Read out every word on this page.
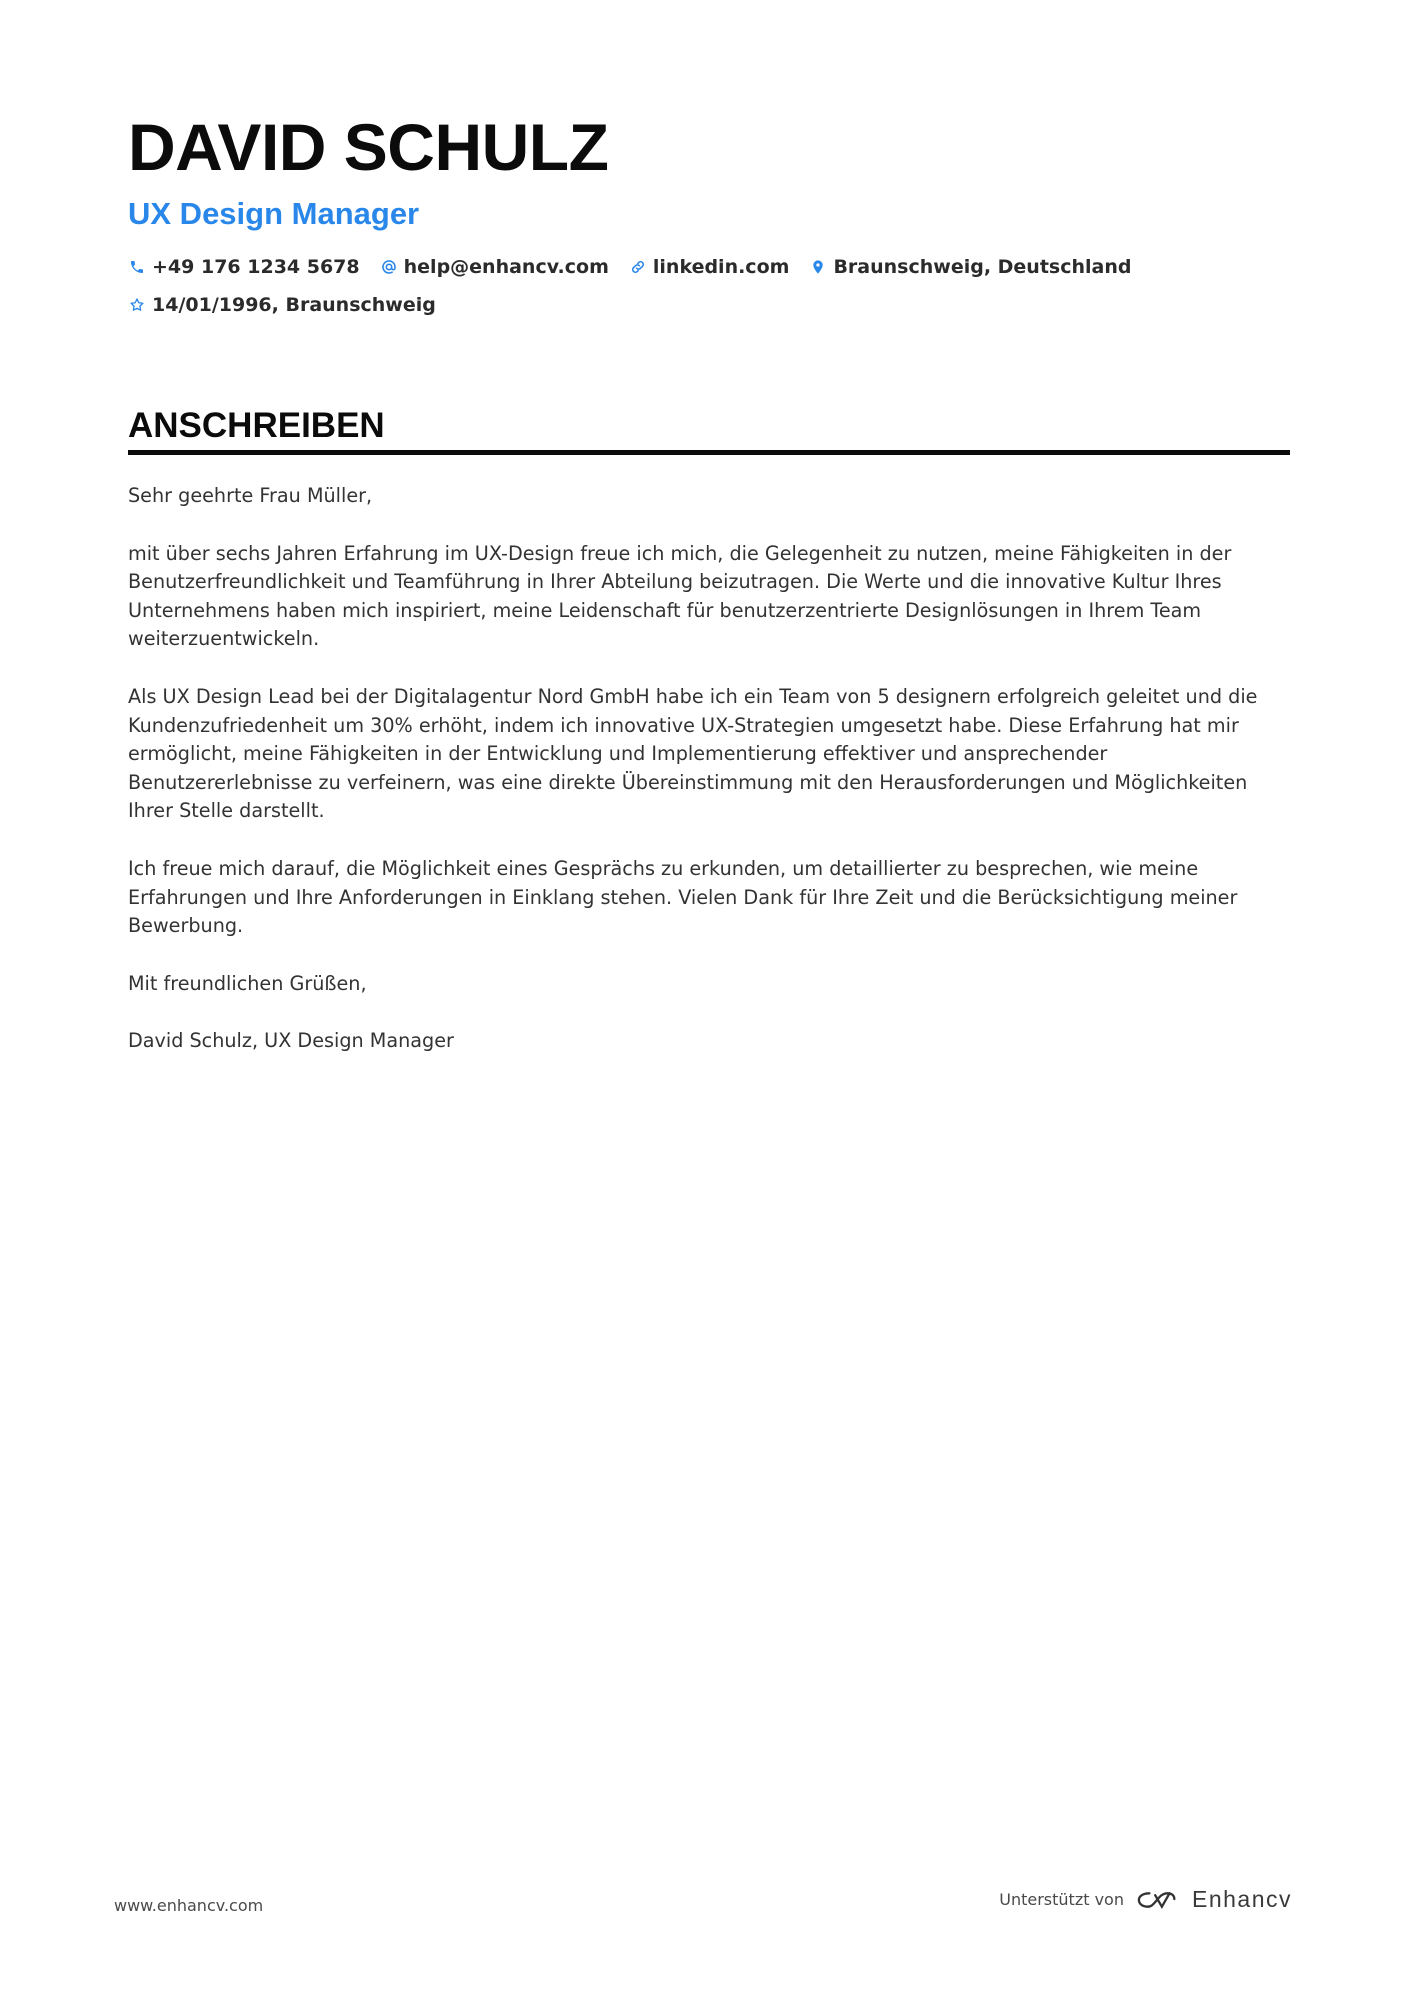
DAVID SCHULZ
UX Design Manager
+49 176 1234 5678 help@enhancv.com linkedin.com Braunschweig, Deutschland
14/01/1996, Braunschweig
ANSCHREIBEN

Sehr geehrte Frau Müller,

mit über sechs Jahren Erfahrung im UX-Design freue ich mich, die Gelegenheit zu nutzen, meine Fähigkeiten in der Benutzerfreundlichkeit und Teamführung in Ihrer Abteilung beizutragen. Die Werte und die innovative Kultur Ihres Unternehmens haben mich inspiriert, meine Leidenschaft für benutzerzentrierte Designlösungen in Ihrem Team weiterzuentwickeln.

Als UX Design Lead bei der Digitalagentur Nord GmbH habe ich ein Team von 5 designern erfolgreich geleitet und die Kundenzufriedenheit um 30% erhöht, indem ich innovative UX-Strategien umgesetzt habe. Diese Erfahrung hat mir ermöglicht, meine Fähigkeiten in der Entwicklung und Implementierung effektiver und ansprechender Benutzererlebnisse zu verfeinern, was eine direkte Übereinstimmung mit den Herausforderungen und Möglichkeiten Ihrer Stelle darstellt.

Ich freue mich darauf, die Möglichkeit eines Gesprächs zu erkunden, um detaillierter zu besprechen, wie meine Erfahrungen und Ihre Anforderungen in Einklang stehen. Vielen Dank für Ihre Zeit und die Berücksichtigung meiner Bewerbung.

Mit freundlichen Grüßen,

David Schulz, UX Design Manager

www.enhancv.com	Unterstützt von	Enhancv
